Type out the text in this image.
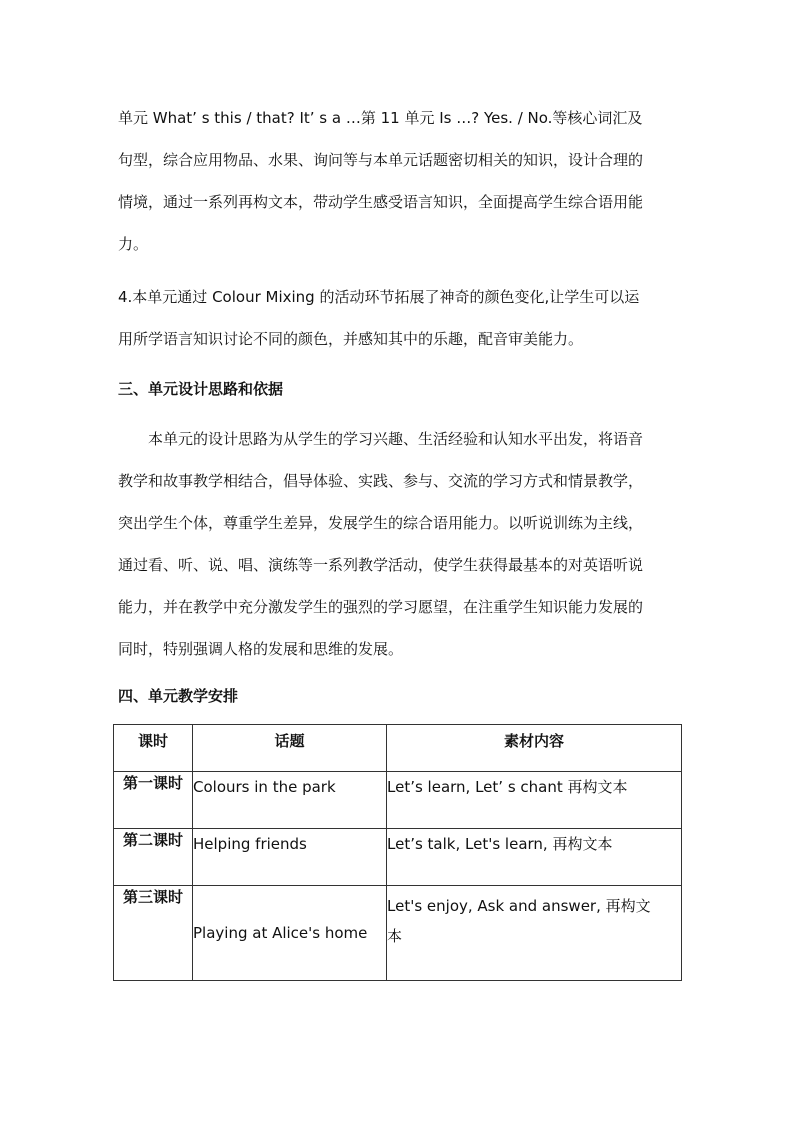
单元 What’ s this / that? It’ s a …第 11 单元 Is …? Yes. / No.等核心词汇及
句型，综合应用物品、水果、询问等与本单元话题密切相关的知识，设计合理的
情境，通过一系列再构文本，带动学生感受语言知识，全面提高学生综合语用能
力。
4.本单元通过 Colour Mixing 的活动环节拓展了神奇的颜色变化,让学生可以运
用所学语言知识讨论不同的颜色，并感知其中的乐趣，配音审美能力。
三、单元设计思路和依据
　　本单元的设计思路为从学生的学习兴趣、生活经验和认知水平出发，将语音
教学和故事教学相结合，倡导体验、实践、参与、交流的学习方式和情景教学，
突出学生个体，尊重学生差异，发展学生的综合语用能力。以听说训练为主线，
通过看、听、说、唱、演练等一系列教学活动，使学生获得最基本的对英语听说
能力，并在教学中充分激发学生的强烈的学习愿望，在注重学生知识能力发展的
同时，特别强调人格的发展和思维的发展。
四、单元教学安排
课时	话题	素材内容
第一课时	Colours in the park	Let’s learn, Let’ s chant 再构文本

第二课时	Helping friends	Let’s talk, Let's learn, 再构文本

第三课时	Playing at Alice's home	Let's enjoy, Ask and answer, 再构文
本
